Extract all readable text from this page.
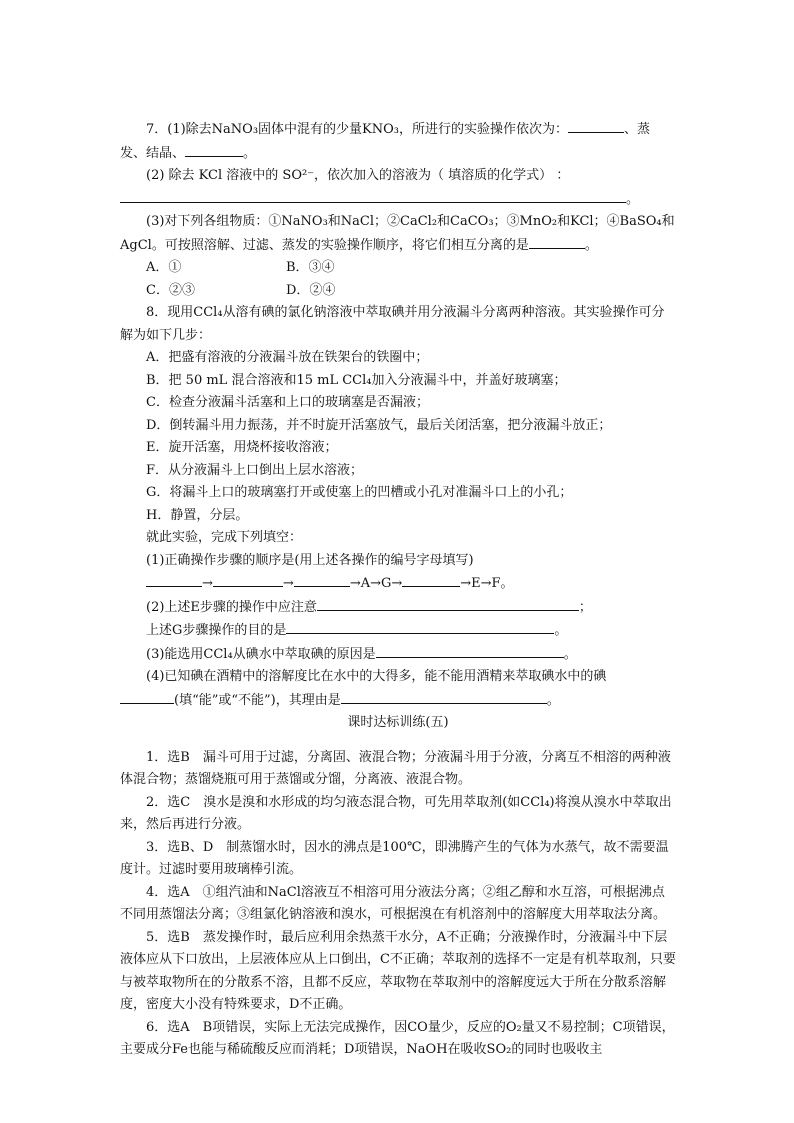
7．(1)除去NaNO₃固体中混有的少量KNO₃，所进行的实验操作依次为：	、蒸发、结晶、	。

(2) 除去 KCl 溶液中的 SO²⁻，依次加入的溶液为（ 填溶质的化学式） ：

。

(3)对下列各组物质：①NaNO₃和NaCl；②CaCl₂和CaCO₃；③MnO₂和KCl；④BaSO₄和AgCl。可按照溶解、过滤、蒸发的实验操作顺序，将它们相互分离的是	。

A．①	B．③④
C．②③	D．②④

8．现用CCl₄从溶有碘的氯化钠溶液中萃取碘并用分液漏斗分离两种溶液。其实验操作可分解为如下几步：

A．把盛有溶液的分液漏斗放在铁架台的铁圈中；

B．把 50 mL 混合溶液和15 mL CCl₄加入分液漏斗中，并盖好玻璃塞；

C．检查分液漏斗活塞和上口的玻璃塞是否漏液；

D．倒转漏斗用力振荡，并不时旋开活塞放气，最后关闭活塞，把分液漏斗放正；

E．旋开活塞，用烧杯接收溶液；

F．从分液漏斗上口倒出上层水溶液；

G．将漏斗上口的玻璃塞打开或使塞上的凹槽或小孔对准漏斗口上的小孔；

H．静置，分层。

就此实验，完成下列填空：

(1)正确操作步骤的顺序是(用上述各操作的编号字母填写)

→	→	→A→G→	→E→F。

(2)上述E步骤的操作中应注意	；

上述G步骤操作的目的是	。

(3)能选用CCl₄从碘水中萃取碘的原因是	。

(4)已知碘在酒精中的溶解度比在水中的大得多，能不能用酒精来萃取碘水中的碘

(填“能”或“不能”)，其理由是	。

课时达标训练(五)

1．选B　漏斗可用于过滤，分离固、液混合物；分液漏斗用于分液，分离互不相溶的两种液体混合物；蒸馏烧瓶可用于蒸馏或分馏，分离液、液混合物。

2．选C　溴水是溴和水形成的均匀液态混合物，可先用萃取剂(如CCl₄)将溴从溴水中萃取出来，然后再进行分液。

3．选B、D　制蒸馏水时，因水的沸点是100℃，即沸腾产生的气体为水蒸气，故不需要温度计。过滤时要用玻璃棒引流。

4．选A　①组汽油和NaCl溶液互不相溶可用分液法分离；②组乙醇和水互溶，可根据沸点不同用蒸馏法分离；③组氯化钠溶液和溴水，可根据溴在有机溶剂中的溶解度大用萃取法分离。

5．选B　蒸发操作时，最后应利用余热蒸干水分，A不正确；分液操作时，分液漏斗中下层液体应从下口放出，上层液体应从上口倒出，C不正确；萃取剂的选择不一定是有机萃取剂，只要与被萃取物所在的分散系不溶，且都不反应，萃取物在萃取剂中的溶解度远大于所在分散系溶解度，密度大小没有特殊要求，D不正确。

6．选A　B项错误，实际上无法完成操作，因CO量少，反应的O₂量又不易控制；C项错误，主要成分Fe也能与稀硫酸反应而消耗；D项错误，NaOH在吸收SO₂的同时也吸收主
